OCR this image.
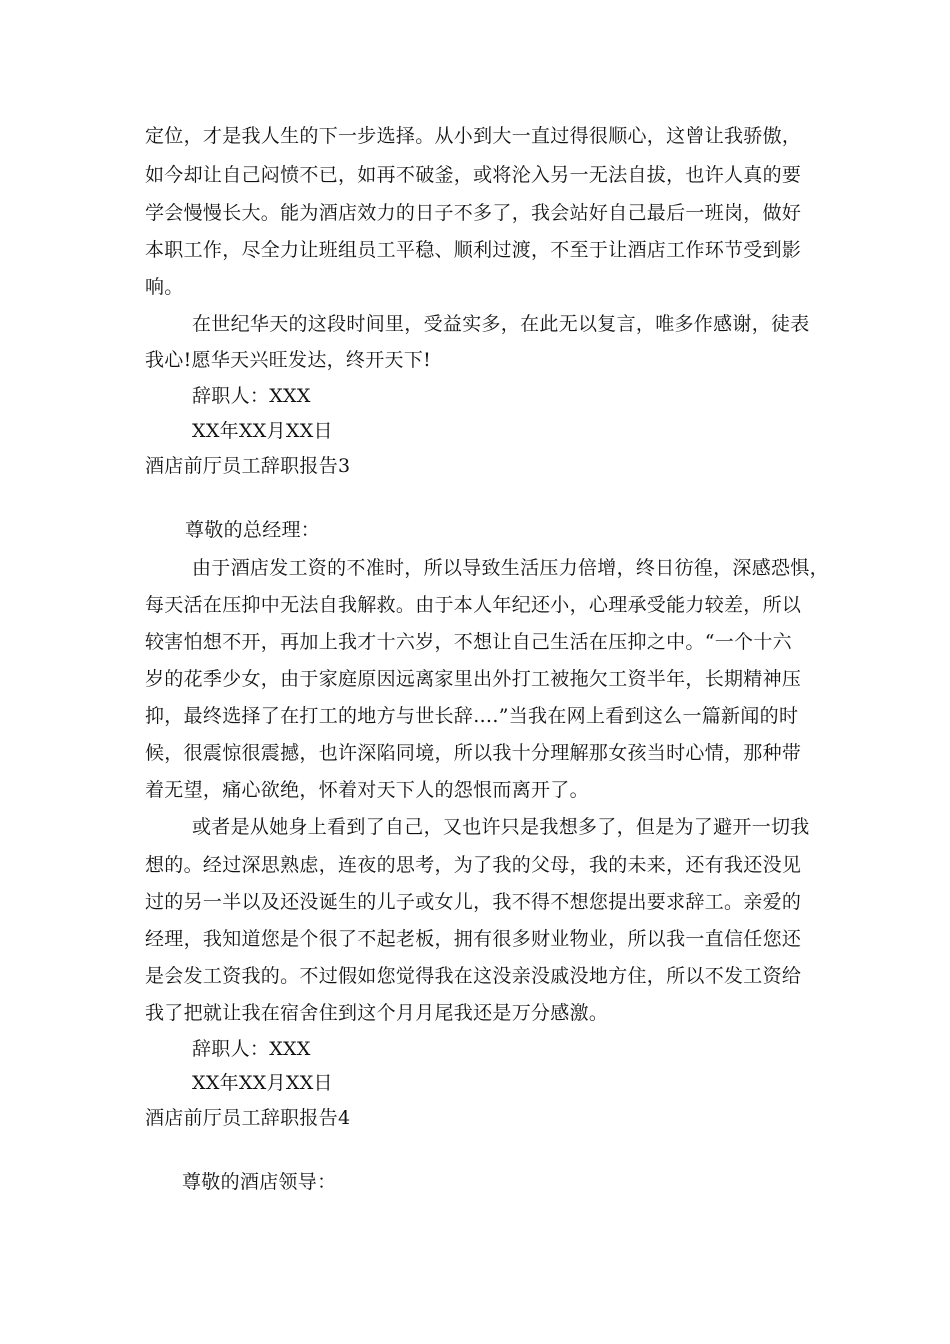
定位，才是我人生的下一步选择。从小到大一直过得很顺心，这曾让我骄傲，
如今却让自己闷愤不已，如再不破釜，或将沦入另一无法自拔，也许人真的要
学会慢慢长大。能为酒店效力的日子不多了，我会站好自己最后一班岗，做好
本职工作，尽全力让班组员工平稳、顺利过渡，不至于让酒店工作环节受到影
响。
在世纪华天的这段时间里，受益实多，在此无以复言，唯多作感谢，徒表
我心!愿华天兴旺发达，终开天下!
辞职人：XXX
XX年XX月XX日
酒店前厅员工辞职报告3
尊敬的总经理：
由于酒店发工资的不准时，所以导致生活压力倍增，终日彷徨，深感恐惧，
每天活在压抑中无法自我解救。由于本人年纪还小，心理承受能力较差，所以
较害怕想不开，再加上我才十六岁，不想让自己生活在压抑之中。“一个十六
岁的花季少女，由于家庭原因远离家里出外打工被拖欠工资半年，长期精神压
抑，最终选择了在打工的地方与世长辞….”当我在网上看到这么一篇新闻的时
候，很震惊很震撼，也许深陷同境，所以我十分理解那女孩当时心情，那种带
着无望，痛心欲绝，怀着对天下人的怨恨而离开了。
或者是从她身上看到了自己，又也许只是我想多了，但是为了避开一切我
想的。经过深思熟虑，连夜的思考，为了我的父母，我的未来，还有我还没见
过的另一半以及还没诞生的儿子或女儿，我不得不想您提出要求辞工。亲爱的
经理，我知道您是个很了不起老板，拥有很多财业物业，所以我一直信任您还
是会发工资我的。不过假如您觉得我在这没亲没戚没地方住，所以不发工资给
我了把就让我在宿舍住到这个月月尾我还是万分感激。
辞职人：XXX
XX年XX月XX日
酒店前厅员工辞职报告4
尊敬的酒店领导：
